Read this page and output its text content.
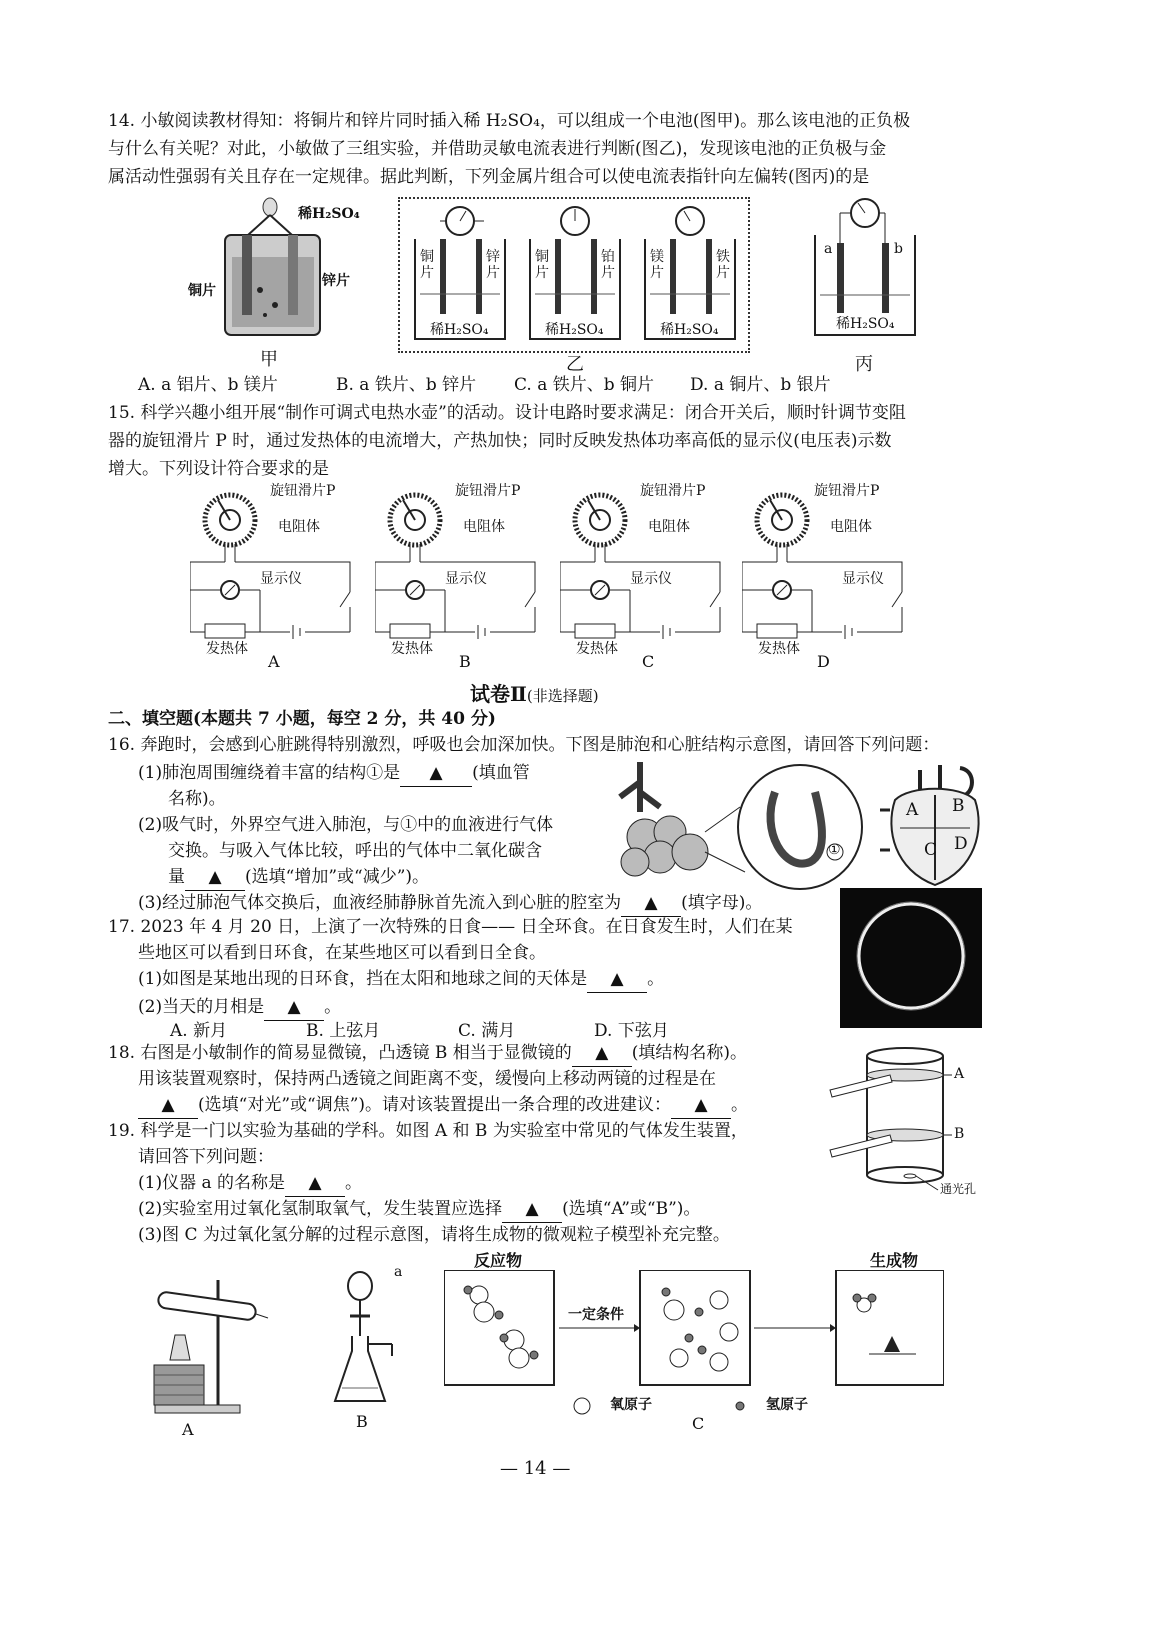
14. 小敏阅读教材得知：将铜片和锌片同时插入稀 H₂SO₄，可以组成一个电池(图甲)。那么该电池的正负极
与什么有关呢？对此，小敏做了三组实验，并借助灵敏电流表进行判断(图乙)，发现该电池的正负极与金
属活动性强弱有关且存在一定规律。据此判断，下列金属片组合可以使电流表指针向左偏转(图丙)的是
稀H₂SO₄
铜片
锌片
甲
铜片
锌片
稀H₂SO₄
铜片
铂片
稀H₂SO₄
镁片
铁片
稀H₂SO₄
乙
a	b
稀H₂SO₄
丙
A. a 铝片、b 镁片	B. a 铁片、b 锌片 C. a 铁片、b 铜片 D. a 铜片、b 银片
15. 科学兴趣小组开展“制作可调式电热水壶”的活动。设计电路时要求满足：闭合开关后，顺时针调节变阻
器的旋钮滑片 P 时，通过发热体的电流增大，产热加快；同时反映发热体功率高低的显示仪(电压表)示数
增大。下列设计符合要求的是
旋钮滑片P
电阻体
显示仪
发热体
A
旋钮滑片P
电阻体
显示仪
发热体
B
旋钮滑片P
电阻体
显示仪
发热体
C
旋钮滑片P
电阻体
显示仪
发热体
D
试卷Ⅱ(非选择题)
二、填空题(本题共 7 小题，每空 2 分，共 40 分)
16. 奔跑时，会感到心脏跳得特别激烈，呼吸也会加深加快。下图是肺泡和心脏结构示意图，请回答下列问题：
(1)肺泡周围缠绕着丰富的结构①是 ▲ (填血管
名称)。
(2)吸气时，外界空气进入肺泡，与①中的血液进行气体
交换。与吸入气体比较，呼出的气体中二氧化碳含
量 ▲ (选填“增加”或“减少”)。
(3)经过肺泡气体交换后，血液经肺静脉首先流入到心脏的腔室为 ▲ (填字母)。
①
A B
C D
17. 2023 年 4 月 20 日，上演了一次特殊的日食—— 日全环食。在日食发生时，人们在某
些地区可以看到日环食，在某些地区可以看到日全食。
(1)如图是某地出现的日环食，挡在太阳和地球之间的天体是 ▲ 。
(2)当天的月相是 ▲ 。
A. 新月	B. 上弦月	C. 满月	D. 下弦月
18. 右图是小敏制作的简易显微镜，凸透镜 B 相当于显微镜的 ▲ (填结构名称)。
用该装置观察时，保持两凸透镜之间距离不变，缓慢向上移动两镜的过程是在
▲ (选填“对光”或“调焦”)。请对该装置提出一条合理的改进建议： ▲ 。
A
B
通光孔
19. 科学是一门以实验为基础的学科。如图 A 和 B 为实验室中常见的气体发生装置，
请回答下列问题：
(1)仪器 a 的名称是 ▲ 。
(2)实验室用过氧化氢制取氧气，发生装置应选择 ▲ (选填“A”或“B”)。
(3)图 C 为过氧化氢分解的过程示意图，请将生成物的微观粒子模型补充完整。
A
a
B
反应物	生成物
一定条件
氧原子	氢原子
C
— 14 —
